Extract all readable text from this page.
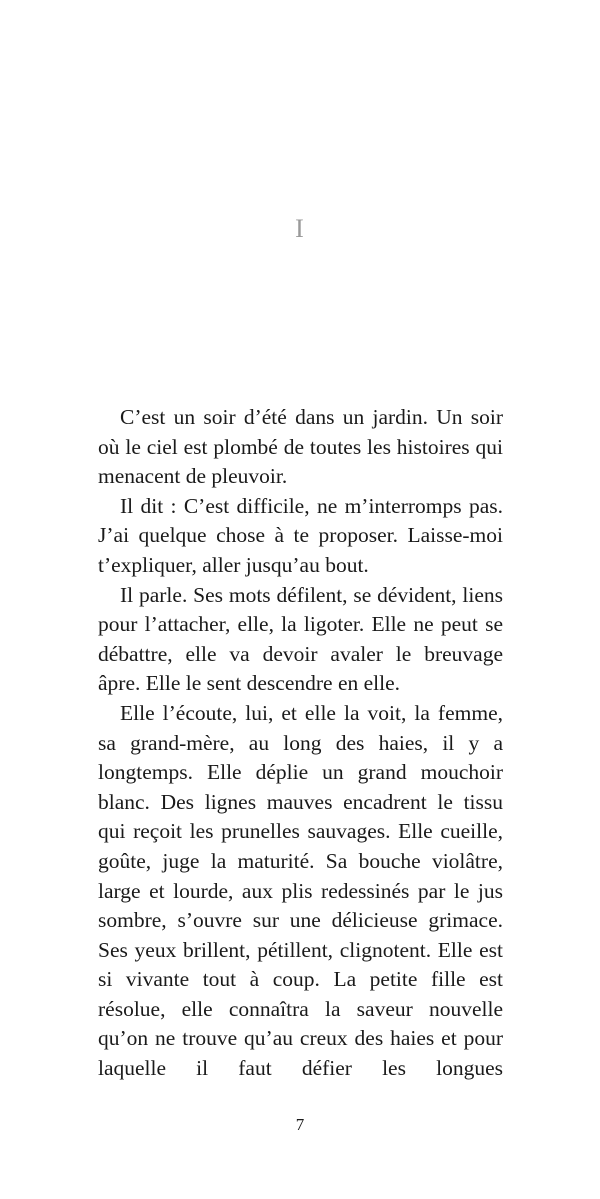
I

C’est un soir d’été dans un jardin. Un soir où le ciel est plombé de toutes les histoires qui menacent de pleuvoir.

Il dit : C’est difficile, ne m’interromps pas. J’ai quelque chose à te proposer. Laisse-moi t’expliquer, aller jusqu’au bout.

Il parle. Ses mots défilent, se dévident, liens pour l’attacher, elle, la ligoter. Elle ne peut se débattre, elle va devoir avaler le breuvage âpre. Elle le sent descendre en elle.

Elle l’écoute, lui, et elle la voit, la femme, sa grand-mère, au long des haies, il y a longtemps. Elle déplie un grand mouchoir blanc. Des lignes mauves encadrent le tissu qui reçoit les prunelles sauvages. Elle cueille, goûte, juge la maturité. Sa bouche violâtre, large et lourde, aux plis redessinés par le jus sombre, s’ouvre sur une délicieuse grimace. Ses yeux brillent, pétillent, clignotent. Elle est si vivante tout à coup. La petite fille est résolue, elle connaîtra la saveur nouvelle qu’on ne trouve qu’au creux des haies et pour laquelle il faut défier les longues

7
